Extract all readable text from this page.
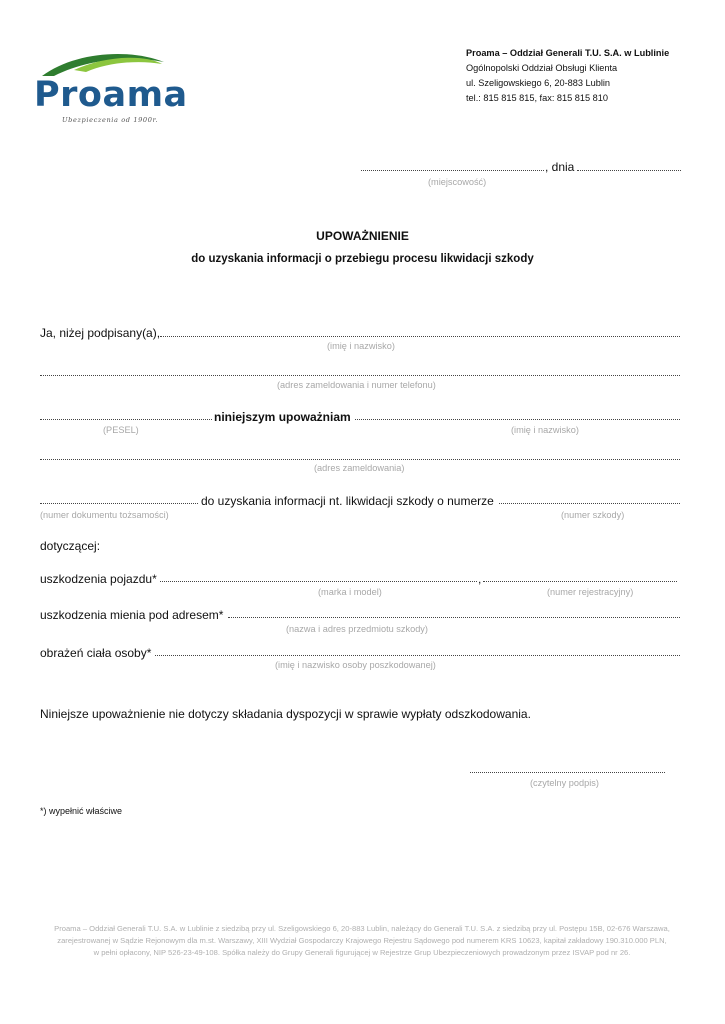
Proama
Ubezpieczenia od 1900r.
Proama – Oddział Generali T.U. S.A. w Lublinie
Ogólnopolski Oddział Obsługi Klienta
ul. Szeligowskiego 6, 20-883 Lublin
tel.: 815 815 815, fax: 815 815 810
, dnia
(miejscowość)
UPOWAŻNIENIE
do uzyskania informacji o przebiegu procesu likwidacji szkody
Ja, niżej podpisany(a),
(imię i nazwisko)
(adres zameldowania i numer telefonu)
niniejszym upoważniam
(PESEL)	(imię i nazwisko)
(adres zameldowania)
do uzyskania informacji nt. likwidacji szkody o numerze
(numer dokumentu tożsamości)	(numer szkody)
dotyczącej:
uszkodzenia pojazdu*	,
(marka i model)	(numer rejestracyjny)
uszkodzenia mienia pod adresem*
(nazwa i adres przedmiotu szkody)
obrażeń ciała osoby*
(imię i nazwisko osoby poszkodowanej)
Niniejsze upoważnienie nie dotyczy składania dyspozycji w sprawie wypłaty odszkodowania.
(czytelny podpis)
*) wypełnić właściwe
Proama – Oddział Generali T.U. S.A. w Lublinie z siedzibą przy ul. Szeligowskiego 6, 20-883 Lublin, należący do Generali T.U. S.A. z siedzibą przy ul. Postępu 15B, 02-676 Warszawa,
zarejestrowanej w Sądzie Rejonowym dla m.st. Warszawy, XIII Wydział Gospodarczy Krajowego Rejestru Sądowego pod numerem KRS 10623, kapitał zakładowy 190.310.000 PLN,
w pełni opłacony, NIP 526-23-49-108. Spółka należy do Grupy Generali figurującej w Rejestrze Grup Ubezpieczeniowych prowadzonym przez ISVAP pod nr 26.
